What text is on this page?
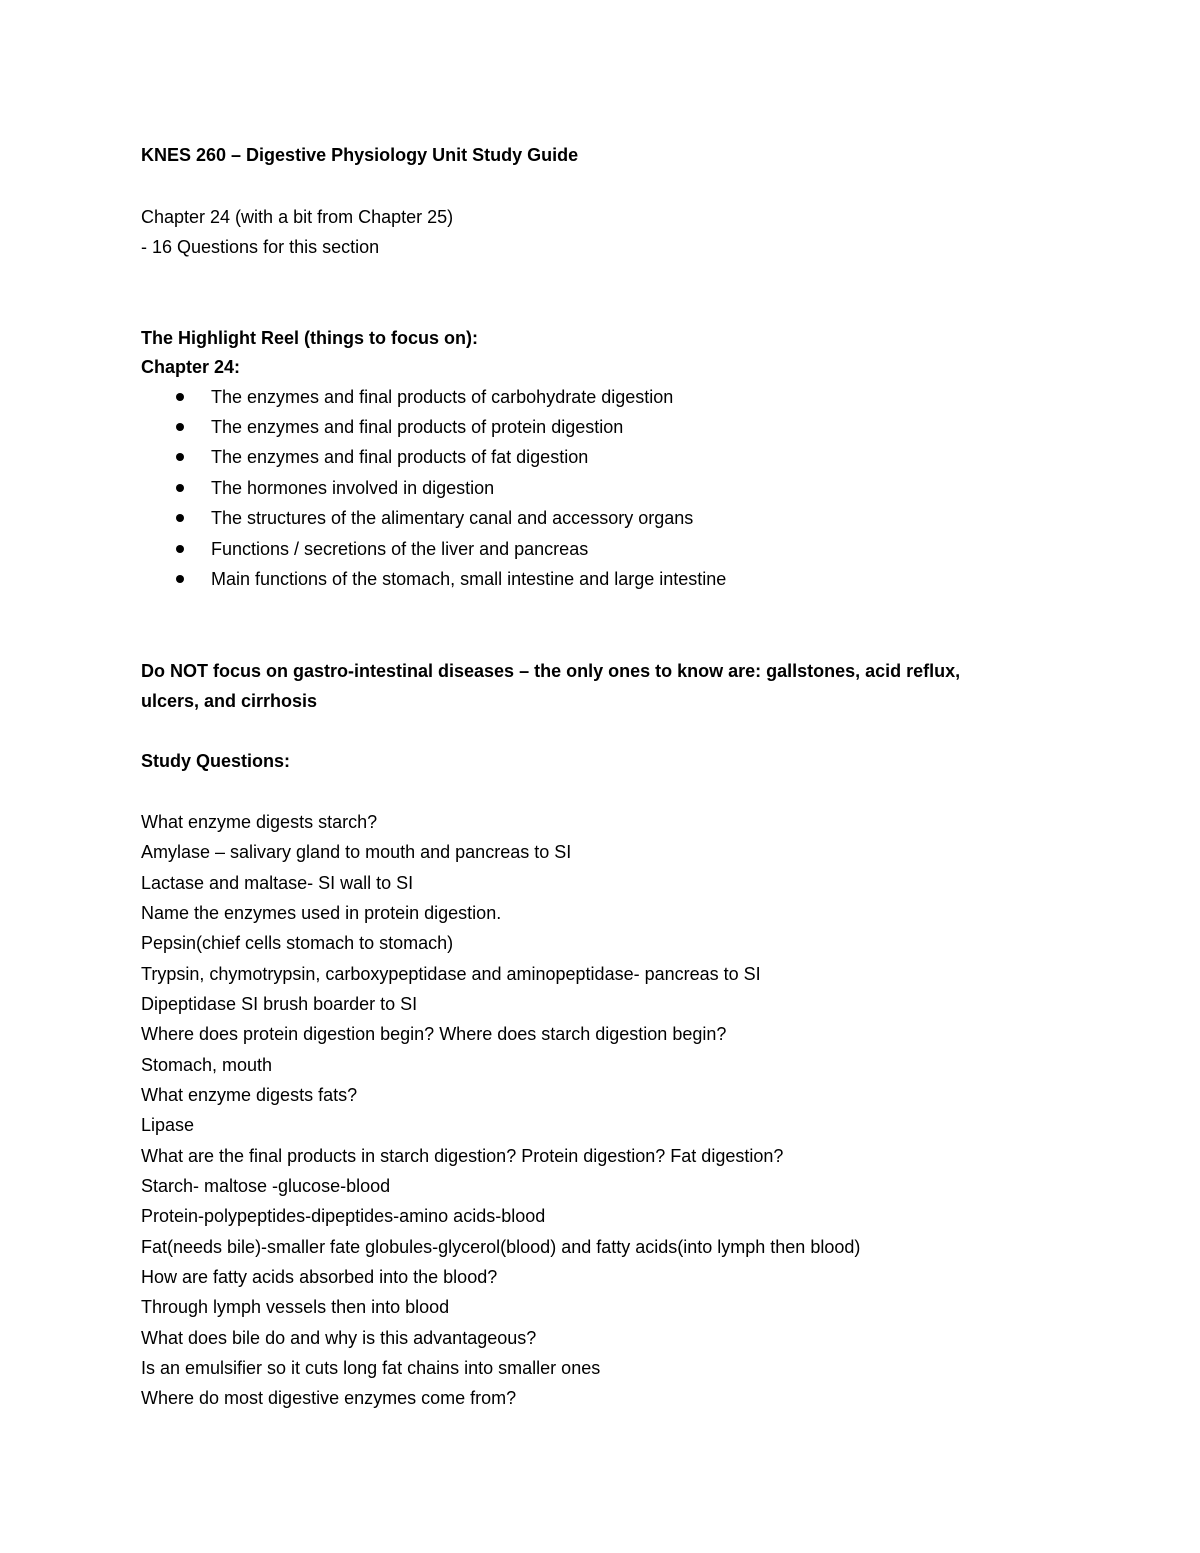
KNES 260 – Digestive Physiology Unit Study Guide
Chapter 24 (with a bit from Chapter 25)
- 16 Questions for this section
The Highlight Reel (things to focus on):
Chapter 24:
The enzymes and final products of carbohydrate digestion
The enzymes and final products of protein digestion
The enzymes and final products of fat digestion
The hormones involved in digestion
The structures of the alimentary canal and accessory organs
Functions / secretions of the liver and pancreas
Main functions of the stomach, small intestine and large intestine
Do NOT focus on gastro-intestinal diseases – the only ones to know are: gallstones, acid reflux,
ulcers, and cirrhosis
Study Questions:
What enzyme digests starch?
Amylase – salivary gland to mouth and pancreas to SI
Lactase and maltase- SI wall to SI
Name the enzymes used in protein digestion.
Pepsin(chief cells stomach to stomach)
Trypsin, chymotrypsin, carboxypeptidase and aminopeptidase- pancreas to SI
Dipeptidase SI brush boarder to SI
Where does protein digestion begin? Where does starch digestion begin?
Stomach, mouth
What enzyme digests fats?
Lipase
What are the final products in starch digestion? Protein digestion? Fat digestion?
Starch- maltose -glucose-blood
Protein-polypeptides-dipeptides-amino acids-blood
Fat(needs bile)-smaller fate globules-glycerol(blood) and fatty acids(into lymph then blood)
How are fatty acids absorbed into the blood?
Through lymph vessels then into blood
What does bile do and why is this advantageous?
Is an emulsifier so it cuts long fat chains into smaller ones
Where do most digestive enzymes come from?
